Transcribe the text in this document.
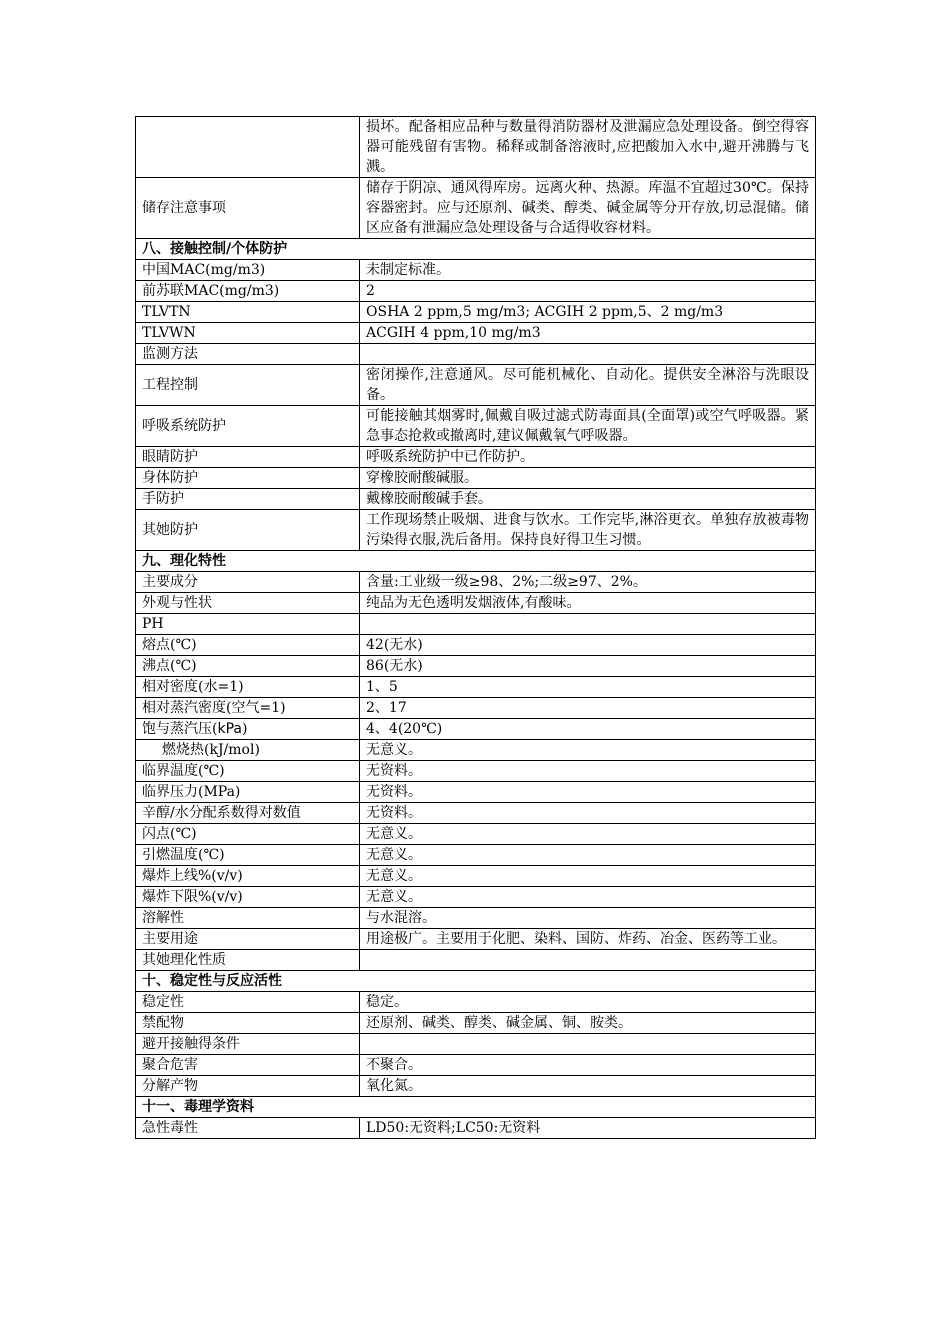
	损坏。配备相应品种与数量得消防器材及泄漏应急处理设备。倒空得容器可能残留有害物。稀释或制备溶液时,应把酸加入水中,避开沸腾与飞溅。
储存注意事项	储存于阴凉、通风得库房。远离火种、热源。库温不宜超过30℃。保持容器密封。应与还原剂、碱类、醇类、碱金属等分开存放,切忌混储。储区应备有泄漏应急处理设备与合适得收容材料。
八、接触控制/个体防护	
中国MAC(mg/m3)	未制定标准。
前苏联MAC(mg/m3)	2
TLVTN	OSHA 2 ppm,5 mg/m3; ACGIH 2 ppm,5、2 mg/m3
TLVWN	ACGIH 4 ppm,10 mg/m3
监测方法	
工程控制	密闭操作,注意通风。尽可能机械化、自动化。提供安全淋浴与洗眼设备。
呼吸系统防护	可能接触其烟雾时,佩戴自吸过滤式防毒面具(全面罩)或空气呼吸器。紧急事态抢救或撤离时,建议佩戴氧气呼吸器。
眼睛防护	呼吸系统防护中已作防护。
身体防护	穿橡胶耐酸碱服。
手防护	戴橡胶耐酸碱手套。
其她防护	工作现场禁止吸烟、进食与饮水。工作完毕,淋浴更衣。单独存放被毒物污染得衣服,洗后备用。保持良好得卫生习惯。
九、理化特性	
主要成分	含量:工业级一级≥98、2%;二级≥97、2%。
外观与性状	纯品为无色透明发烟液体,有酸味。
PH	
熔点(℃)	42(无水)
沸点(℃)	86(无水)
相对密度(水=1)	1、5
相对蒸汽密度(空气=1)	2、17
饱与蒸汽压(kPa)	4、4(20℃)
燃烧热(kJ/mol)	无意义。
临界温度(℃)	无资料。
临界压力(MPa)	无资料。
辛醇/水分配系数得对数值	无资料。
闪点(℃)	无意义。
引燃温度(℃)	无意义。
爆炸上线%(v/v)	无意义。
爆炸下限%(v/v)	无意义。
溶解性	与水混溶。
主要用途	用途极广。主要用于化肥、染料、国防、炸药、冶金、医药等工业。
其她理化性质	
十、稳定性与反应活性	
稳定性	稳定。
禁配物	还原剂、碱类、醇类、碱金属、铜、胺类。
避开接触得条件	
聚合危害	不聚合。
分解产物	氧化氮。
十一、毒理学资料	
急性毒性	LD50:无资料;LC50:无资料
